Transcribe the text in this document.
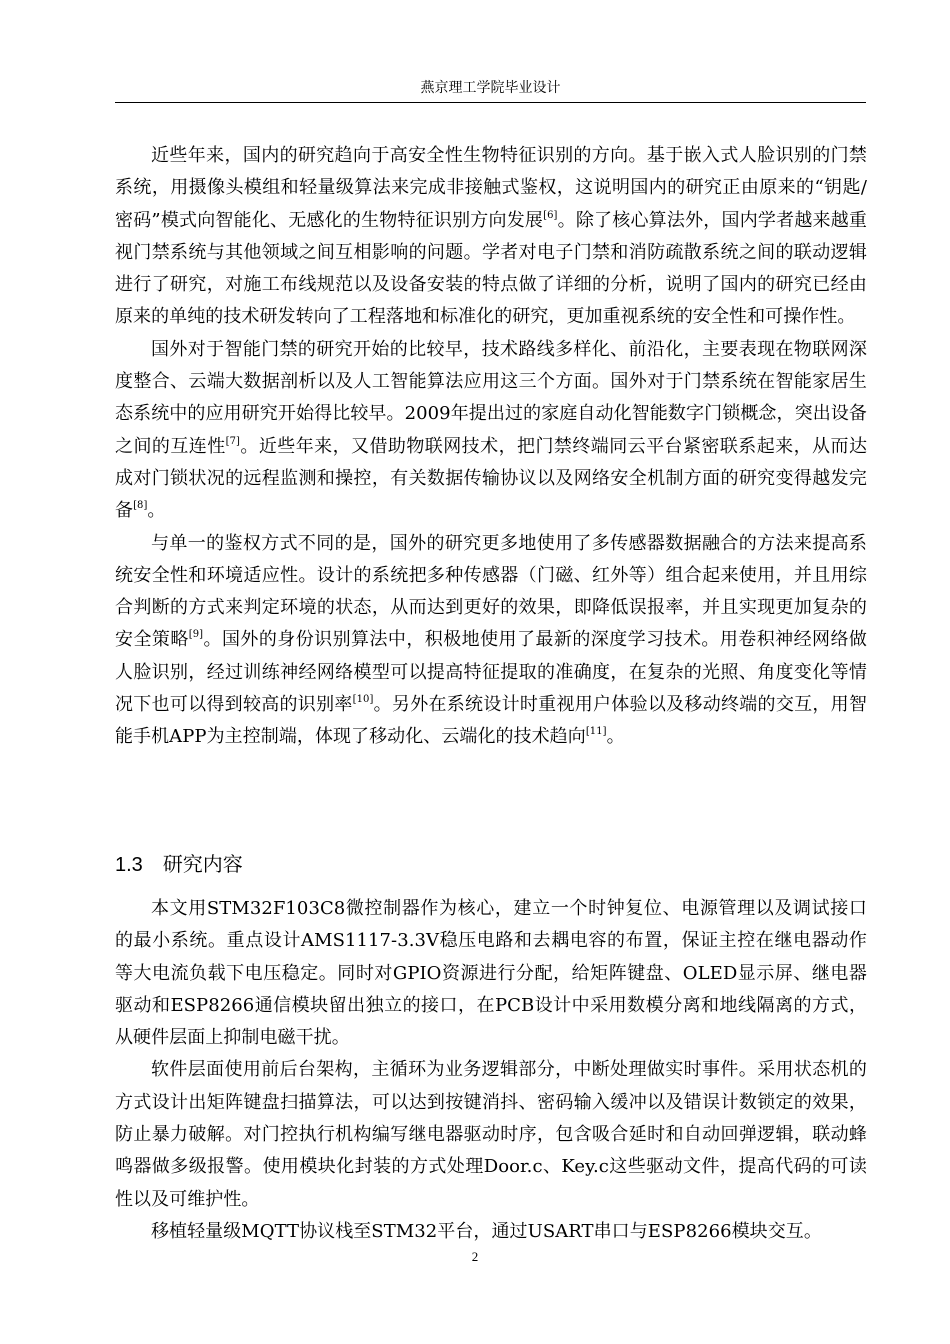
燕京理工学院毕业设计

近些年来，国内的研究趋向于高安全性生物特征识别的方向。基于嵌入式人脸识别的门禁系统，用摄像头模组和轻量级算法来完成非接触式鉴权，这说明国内的研究正由原来的“钥匙/密码”模式向智能化、无感化的生物特征识别方向发展[6]。除了核心算法外，国内学者越来越重视门禁系统与其他领域之间互相影响的问题。学者对电子门禁和消防疏散系统之间的联动逻辑进行了研究，对施工布线规范以及设备安装的特点做了详细的分析，说明了国内的研究已经由原来的单纯的技术研发转向了工程落地和标准化的研究，更加重视系统的安全性和可操作性。

国外对于智能门禁的研究开始的比较早，技术路线多样化、前沿化，主要表现在物联网深度整合、云端大数据剖析以及人工智能算法应用这三个方面。国外对于门禁系统在智能家居生态系统中的应用研究开始得比较早。2009年提出过的家庭自动化智能数字门锁概念，突出设备之间的互连性[7]。近些年来，又借助物联网技术，把门禁终端同云平台紧密联系起来，从而达成对门锁状况的远程监测和操控，有关数据传输协议以及网络安全机制方面的研究变得越发完备[8]。

与单一的鉴权方式不同的是，国外的研究更多地使用了多传感器数据融合的方法来提高系统安全性和环境适应性。设计的系统把多种传感器（门磁、红外等）组合起来使用，并且用综合判断的方式来判定环境的状态，从而达到更好的效果，即降低误报率，并且实现更加复杂的安全策略[9]。国外的身份识别算法中，积极地使用了最新的深度学习技术。用卷积神经网络做人脸识别，经过训练神经网络模型可以提高特征提取的准确度，在复杂的光照、角度变化等情况下也可以得到较高的识别率[10]。另外在系统设计时重视用户体验以及移动终端的交互，用智能手机APP为主控制端，体现了移动化、云端化的技术趋向[11]。

1.3 研究内容

本文用STM32F103C8微控制器作为核心，建立一个时钟复位、电源管理以及调试接口的最小系统。重点设计AMS1117-3.3V稳压电路和去耦电容的布置，保证主控在继电器动作等大电流负载下电压稳定。同时对GPIO资源进行分配，给矩阵键盘、OLED显示屏、继电器驱动和ESP8266通信模块留出独立的接口，在PCB设计中采用数模分离和地线隔离的方式，从硬件层面上抑制电磁干扰。

软件层面使用前后台架构，主循环为业务逻辑部分，中断处理做实时事件。采用状态机的方式设计出矩阵键盘扫描算法，可以达到按键消抖、密码输入缓冲以及错误计数锁定的效果，防止暴力破解。对门控执行机构编写继电器驱动时序，包含吸合延时和自动回弹逻辑，联动蜂鸣器做多级报警。使用模块化封装的方式处理Door.c、Key.c这些驱动文件，提高代码的可读性以及可维护性。

移植轻量级MQTT协议栈至STM32平台，通过USART串口与ESP8266模块交互。

2
